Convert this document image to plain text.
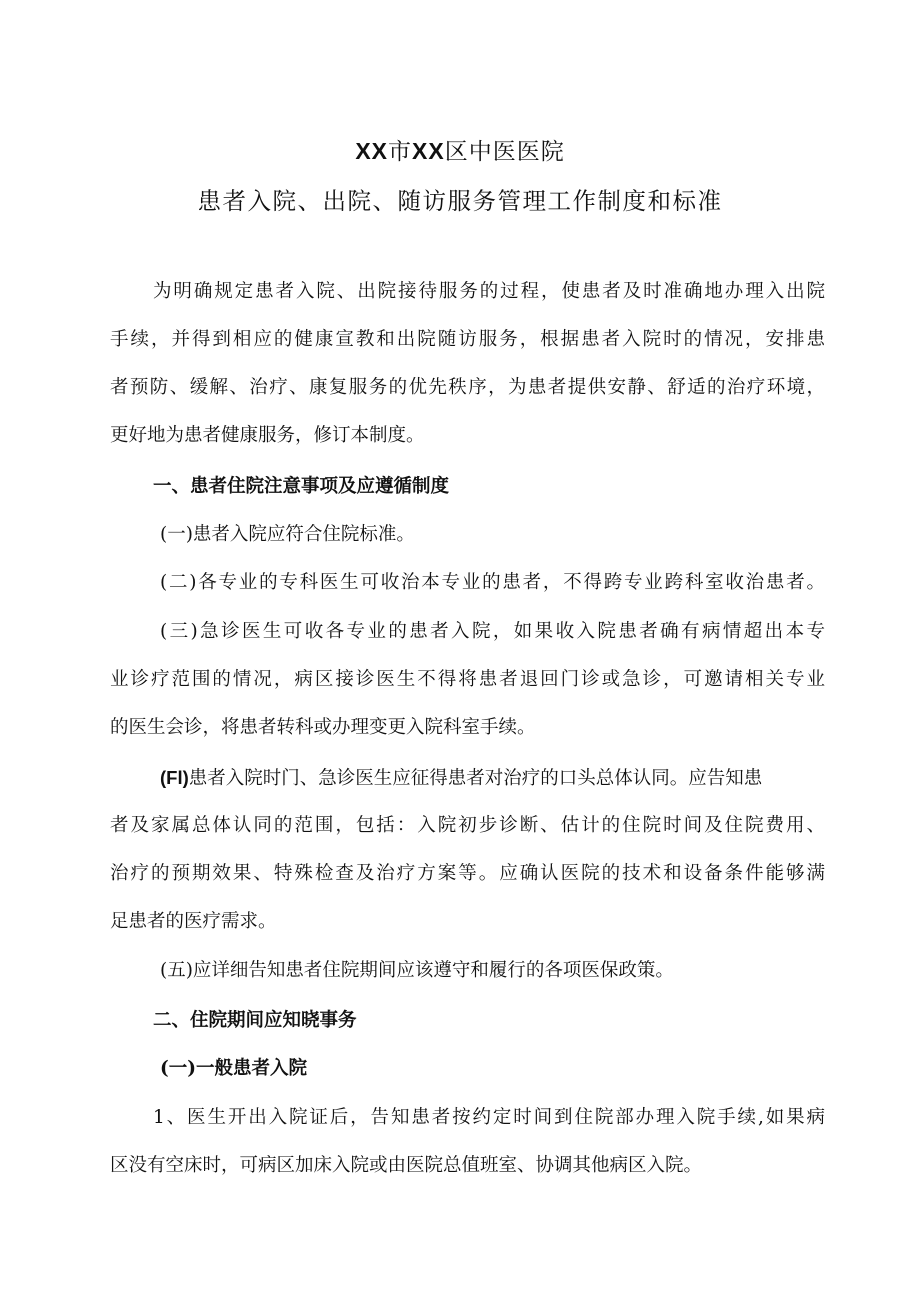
XX市XX区中医医院
患者入院、出院、随访服务管理工作制度和标准
为明确规定患者入院、出院接待服务的过程，使患者及时准确地办理入出院
手续，并得到相应的健康宣教和出院随访服务，根据患者入院时的情况，安排患
者预防、缓解、治疗、康复服务的优先秩序，为患者提供安静、舒适的治疗环境，
更好地为患者健康服务，修订本制度。
一、患者住院注意事项及应遵循制度
(一)患者入院应符合住院标准。
(二)各专业的专科医生可收治本专业的患者，不得跨专业跨科室收治患者。
(三)急诊医生可收各专业的患者入院，如果收入院患者确有病情超出本专
业诊疗范围的情况，病区接诊医生不得将患者退回门诊或急诊，可邀请相关专业
的医生会诊，将患者转科或办理变更入院科室手续。
(Fl)患者入院时门、急诊医生应征得患者对治疗的口头总体认同。应告知患
者及家属总体认同的范围，包括：入院初步诊断、估计的住院时间及住院费用、
治疗的预期效果、特殊检查及治疗方案等。应确认医院的技术和设备条件能够满
足患者的医疗需求。
(五)应详细告知患者住院期间应该遵守和履行的各项医保政策。
二、住院期间应知晓事务
(一)一般患者入院
1、医生开出入院证后，告知患者按约定时间到住院部办理入院手续,如果病
区没有空床时，可病区加床入院或由医院总值班室、协调其他病区入院。
